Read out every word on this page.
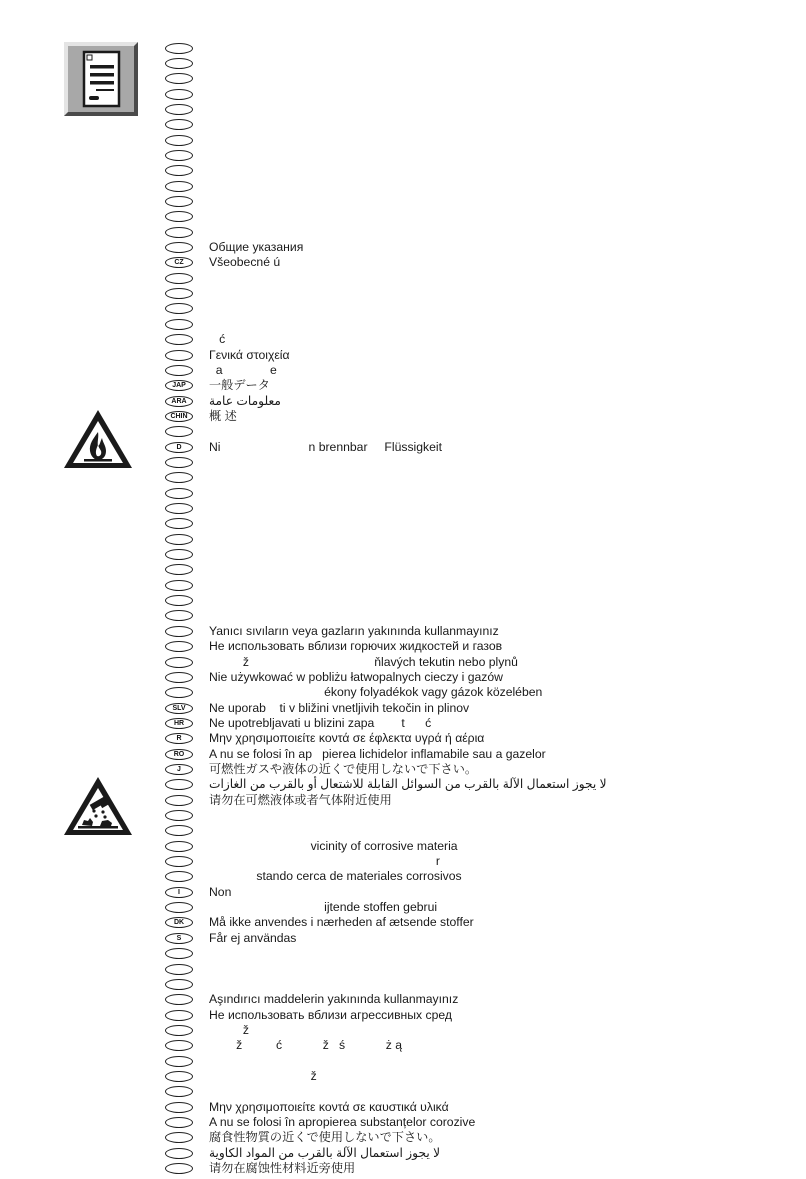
Общие указания
CZ	Všeobecné ú
ć
Γενικά στοιχεία
a              e
JAP	一般データ
ARA	معلومات عامة
CHIN	概 述
D	Ni                          n brennbar     Flüssigkeit
Yanıcı sıvıların veya gazların yakınında kullanmayınız
Не использовать вблизи горючих жидкостей и газов
ž                                     ňlavých tekutin nebo plynů
Nie używkować w pobliżu łatwopalnych cieczy i gazów
ékony folyadékok vagy gázok közelében
SLV	Ne uporab    ti v bližini vnetljivih tekočin in plinov
HR	Ne upotrebljavati u blizini zapa        t      ć
R	Μην χρησιμοποιείτε κοντά σε έφλεκτα υγρά ή αέρια
RO	A nu se folosi în ap   pierea lichidelor inflamabile sau a gazelor
J	可燃性ガスや液体の近くで使用しないで下さい。
لا يجوز استعمال الآلة بالقرب من السوائل القابلة للاشتعال أو بالقرب من الغازات
请勿在可燃液体或者气体附近使用
vicinity of corrosive materia
r
stando cerca de materiales corrosivos
I	Non
ijtende stoffen gebrui
DK	Må ikke anvendes i nærheden af ætsende stoffer
S	Får ej användas
Aşındırıcı maddelerin yakınında kullanmayınız
Не использовать вблизи агрессивных сред
ž
ž          ć            ž   ś            ż ą
ž
Μην χρησιμοποιείτε κοντά σε καυστικά υλικά
A nu se folosi în apropierea substanțelor corozive
腐食性物質の近くで使用しないで下さい。
لا يجوز استعمال الآلة بالقرب من المواد الكاوية
请勿在腐蚀性材料近旁使用
